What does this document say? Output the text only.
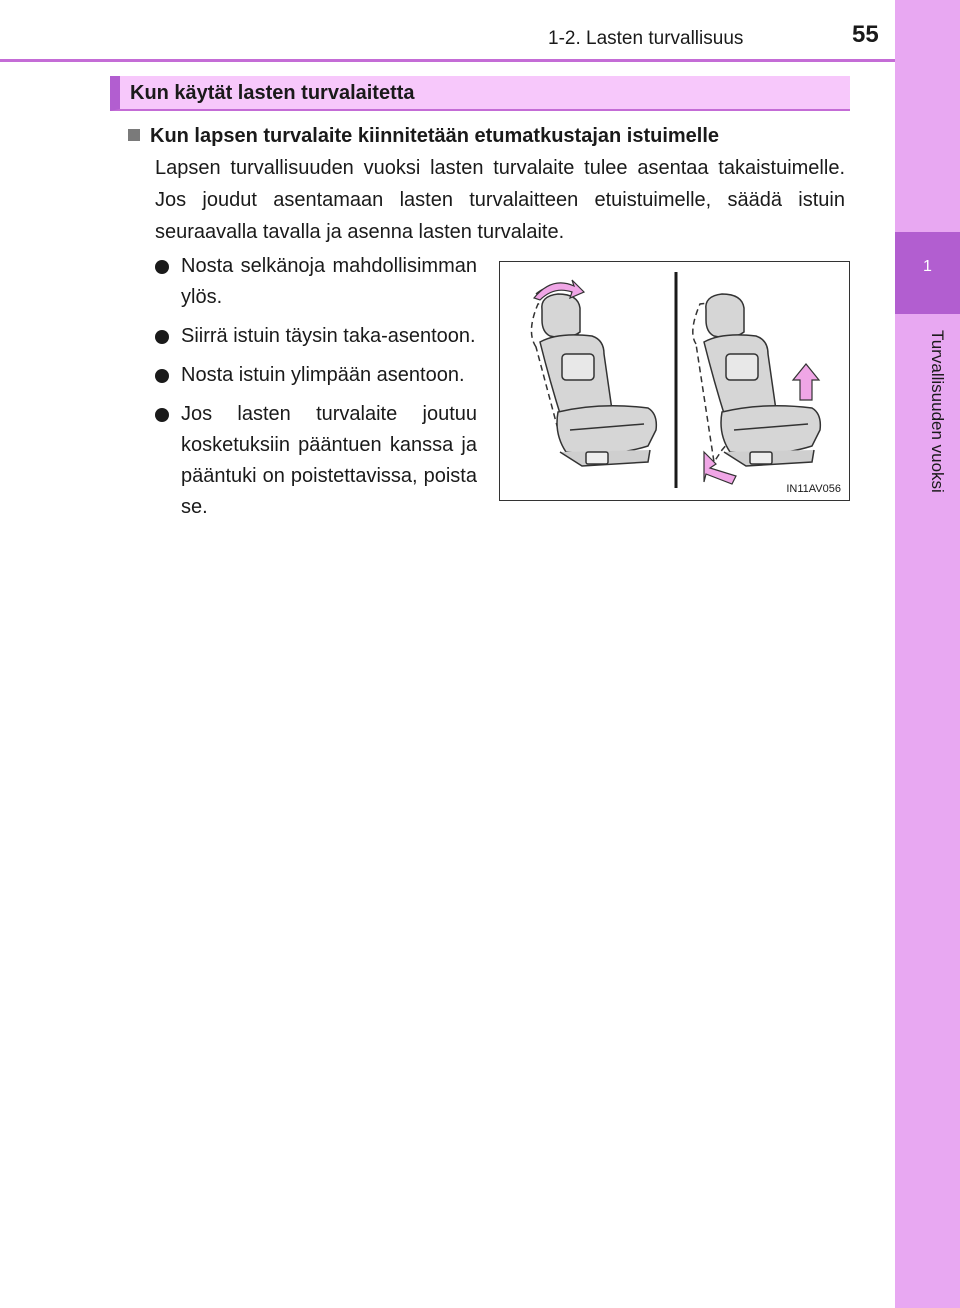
1
Turvallisuuden vuoksi
1-2. Lasten turvallisuus	55
Kun käytät lasten turvalaitetta
Kun lapsen turvalaite kiinnitetään etumatkustajan istuimelle
Lapsen turvallisuuden vuoksi lasten turvalaite tulee asentaa takaistuimelle. Jos joudut asentamaan lasten turvalaitteen etuistuimelle, säädä istuin seuraavalla tavalla ja asenna lasten turvalaite.
Nosta selkänoja mahdollisimman ylös.
Siirrä istuin täysin taka-asentoon.
Nosta istuin ylimpään asentoon.
Jos lasten turvalaite joutuu kosketuksiin pääntuen kanssa ja pääntuki on poistettavissa, poista se.
IN11AV056
